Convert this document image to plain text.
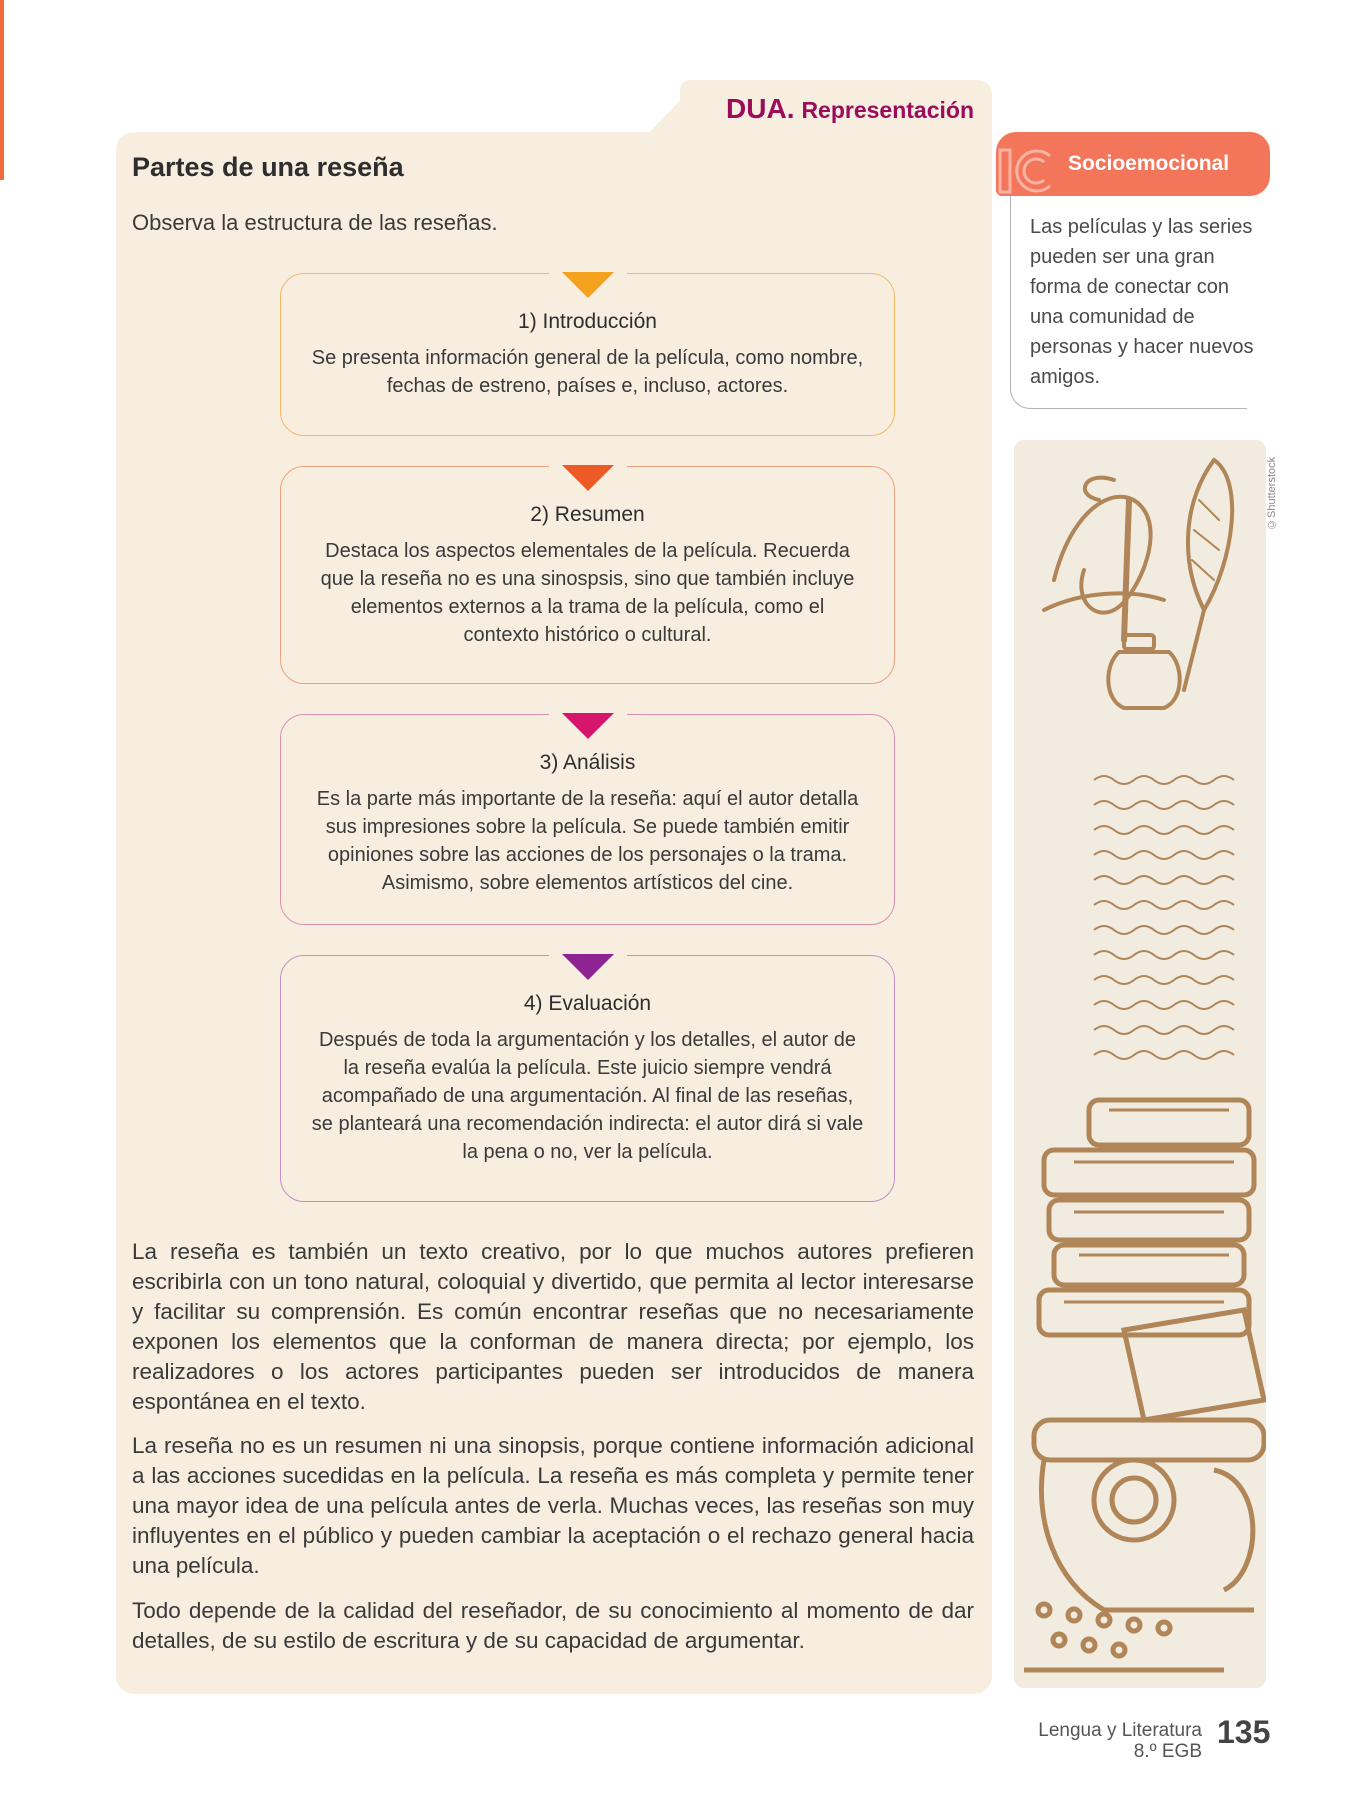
DUA. Representación
Partes de una reseña
Observa la estructura de las reseñas.
1) Introducción
Se presenta información general de la película, como nombre, fechas de estreno, países e, incluso, actores.
2) Resumen
Destaca los aspectos elementales de la película. Recuerda que la reseña no es una sinospsis, sino que también incluye elementos externos a la trama de la película, como el contexto histórico o cultural.
3) Análisis
Es la parte más importante de la reseña: aquí el autor detalla sus impresiones sobre la película. Se puede también emitir opiniones sobre las acciones de los personajes o la trama. Asimismo, sobre elementos artísticos del cine.
4) Evaluación
Después de toda la argumentación y los detalles, el autor de la reseña evalúa la película. Este juicio siempre vendrá acompañado de una argumentación. Al final de las reseñas, se planteará una recomendación indirecta: el autor dirá si vale la pena o no, ver la película.

La reseña es también un texto creativo, por lo que muchos autores prefieren escribirla con un tono natural, coloquial y divertido, que permita al lector interesarse y facilitar su comprensión. Es común encontrar reseñas que no necesariamente exponen los elementos que la conforman de manera directa; por ejemplo, los realizadores o los actores participantes pueden ser introducidos de manera espontánea en el texto.

La reseña no es un resumen ni una sinopsis, porque contiene información adicional a las acciones sucedidas en la película. La reseña es más completa y permite tener una mayor idea de una película antes de verla. Muchas veces, las reseñas son muy influyentes en el público y pueden cambiar la aceptación o el rechazo general hacia una película.

Todo depende de la calidad del reseñador, de su conocimiento al momento de dar detalles, de su estilo de escritura y de su capacidad de argumentar.

Socioemocional
Las películas y las series pueden ser una gran forma de conectar con una comunidad de personas y hacer nuevos amigos.
©Shutterstock
Lengua y Literatura
8.º EGB
135
